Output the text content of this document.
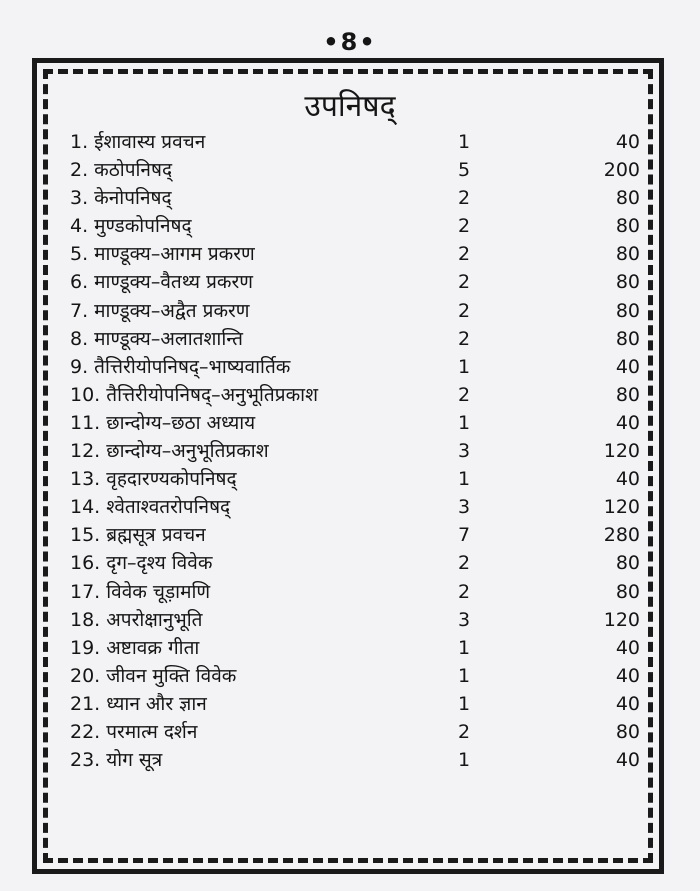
•8•
उपनिषद्
1. ईशावास्य प्रवचन	1	40
2. कठोपनिषद्	5	200
3. केनोपनिषद्	2	80
4. मुण्डकोपनिषद्	2	80
5. माण्डूक्य–आगम प्रकरण	2	80
6. माण्डूक्य–वैतथ्य प्रकरण	2	80
7. माण्डूक्य–अद्वैत प्रकरण	2	80
8. माण्डूक्य–अलातशान्ति	2	80
9. तैत्तिरीयोपनिषद्–भाष्यवार्तिक	1	40
10. तैत्तिरीयोपनिषद्–अनुभूतिप्रकाश	2	80
11. छान्दोग्य–छठा अध्याय	1	40
12. छान्दोग्य–अनुभूतिप्रकाश	3	120
13. वृहदारण्यकोपनिषद्	1	40
14. श्वेताश्वतरोपनिषद्	3	120
15. ब्रह्मसूत्र प्रवचन	7	280
16. दृग–दृश्य विवेक	2	80
17. विवेक चूड़ामणि	2	80
18. अपरोक्षानुभूति	3	120
19. अष्टावक्र गीता	1	40
20. जीवन मुक्ति विवेक	1	40
21. ध्यान और ज्ञान	1	40
22. परमात्म दर्शन	2	80
23. योग सूत्र	1	40
